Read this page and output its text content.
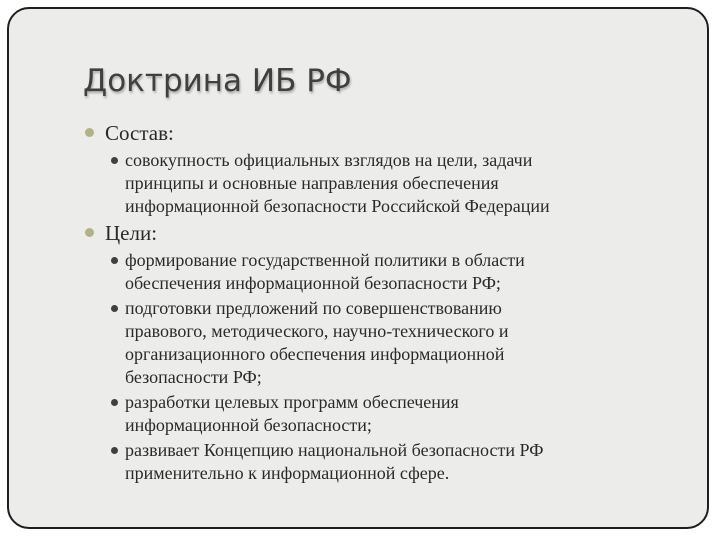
Доктрина ИБ РФ
Состав:
совокупность официальных взглядов на цели, задачи
принципы и основные направления обеспечения
информационной безопасности Российской Федерации
Цели:
формирование государственной политики в области
обеспечения информационной безопасности РФ;
подготовки предложений по совершенствованию
правового, методического, научно-технического и
организационного обеспечения информационной
безопасности РФ;
разработки целевых программ обеспечения
информационной безопасности;
развивает Концепцию национальной безопасности РФ
применительно к информационной сфере.
